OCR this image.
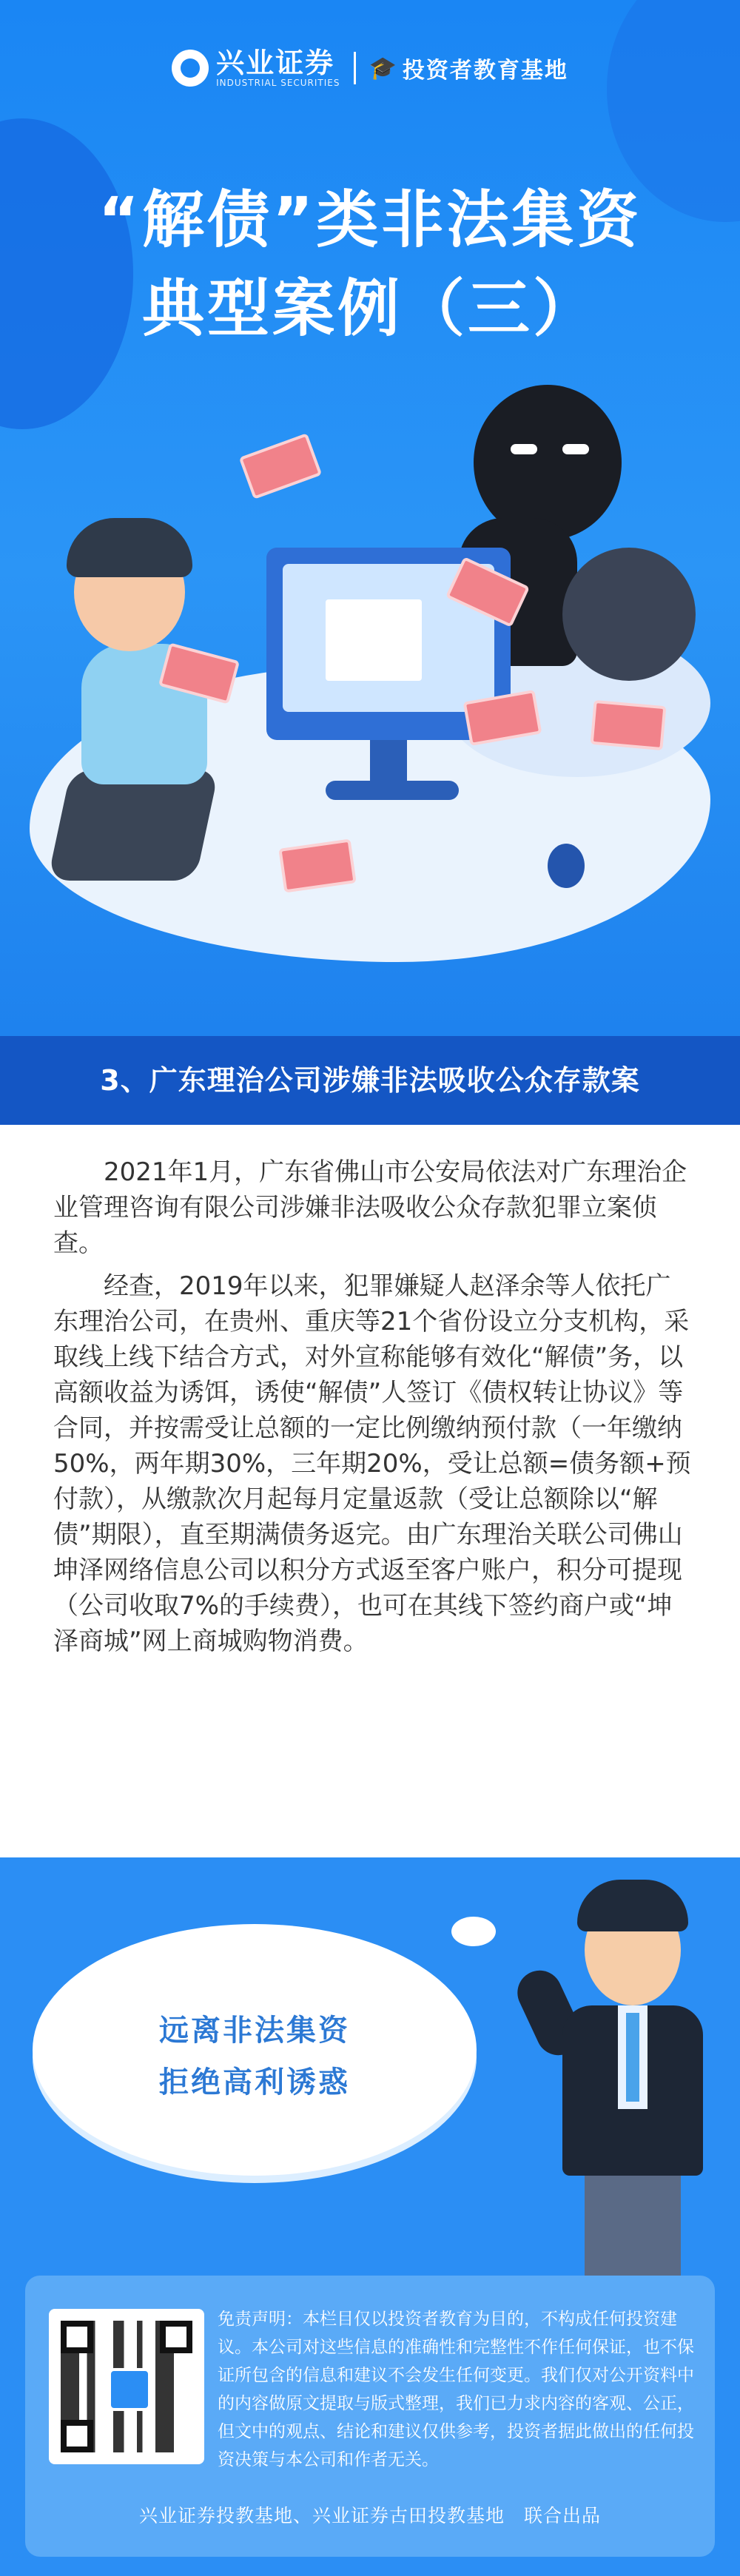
兴业证券
INDUSTRIAL SECURITIES
🎓 投资者教育基地
“解债”类非法集资
典型案例（三）
3、广东理治公司涉嫌非法吸收公众存款案
2021年1月，广东省佛山市公安局依法对广东理治企业管理咨询有限公司涉嫌非法吸收公众存款犯罪立案侦查。
经查，2019年以来，犯罪嫌疑人赵泽余等人依托广东理治公司，在贵州、重庆等21个省份设立分支机构，采取线上线下结合方式，对外宣称能够有效化“解债”务，以高额收益为诱饵，诱使“解债”人签订《债权转让协议》等合同，并按需受让总额的一定比例缴纳预付款（一年缴纳50%，两年期30%，三年期20%，受让总额=债务额+预付款），从缴款次月起每月定量返款（受让总额除以“解债”期限），直至期满债务返完。由广东理治关联公司佛山坤泽网络信息公司以积分方式返至客户账户，积分可提现（公司收取7%的手续费），也可在其线下签约商户或“坤泽商城”网上商城购物消费。
远离非法集资
拒绝高利诱惑
免责声明：本栏目仅以投资者教育为目的，不构成任何投资建议。本公司对这些信息的准确性和完整性不作任何保证，也不保证所包含的信息和建议不会发生任何变更。我们仅对公开资料中的内容做原文提取与版式整理，我们已力求内容的客观、公正，但文中的观点、结论和建议仅供参考，投资者据此做出的任何投资决策与本公司和作者无关。
兴业证券投教基地、兴业证券古田投教基地　联合出品
